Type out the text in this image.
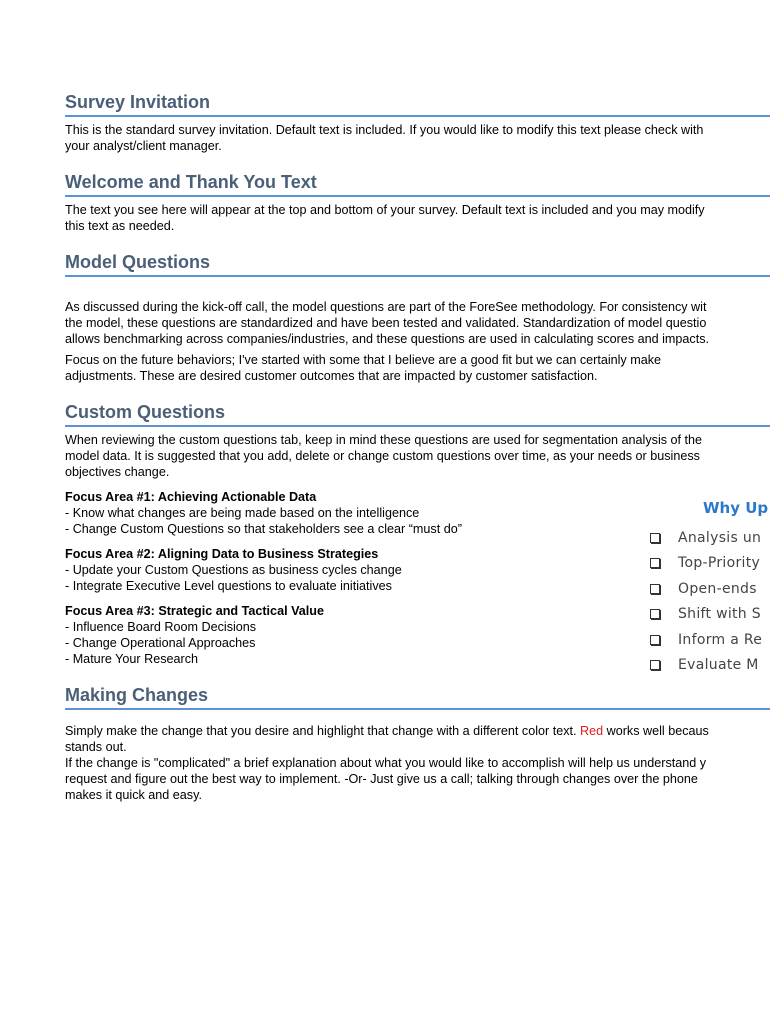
Survey Invitation
This is the standard survey invitation. Default text is included. If you would like to modify this text please check with
your analyst/client manager.
Welcome and Thank You Text
The text you see here will appear at the top and bottom of your survey. Default text is included and you may modify
this text as needed.
Model Questions
As discussed during the kick-off call, the model questions are part of the ForeSee methodology. For consistency wit
the model, these questions are standardized and have been tested and validated. Standardization of model questio
allows benchmarking across companies/industries, and these questions are used in calculating scores and impacts.
Focus on the future behaviors; I've started with some that I believe are a good fit but we can certainly make
adjustments. These are desired customer outcomes that are impacted by customer satisfaction.
Custom Questions
When reviewing the custom questions tab, keep in mind these questions are used for segmentation analysis of the
model data. It is suggested that you add, delete or change custom questions over time, as your needs or business
objectives change.
Focus Area #1: Achieving Actionable Data
- Know what changes are being made based on the intelligence
- Change Custom Questions so that stakeholders see a clear “must do”
Focus Area #2: Aligning Data to Business Strategies
- Update your Custom Questions as business cycles change
- Integrate Executive Level questions to evaluate initiatives
Focus Area #3: Strategic and Tactical Value
- Influence Board Room Decisions
- Change Operational Approaches
- Mature Your Research
Making Changes
Simply make the change that you desire and highlight that change with a different color text. Red works well becaus
stands out.
If the change is "complicated" a brief explanation about what you would like to accomplish will help us understand y
request and figure out the best way to implement. -Or- Just give us a call; talking through changes over the phone
makes it quick and easy.
Why Up
Analysis un
Top-Priority
Open-ends
Shift with S
Inform a Re
Evaluate M
